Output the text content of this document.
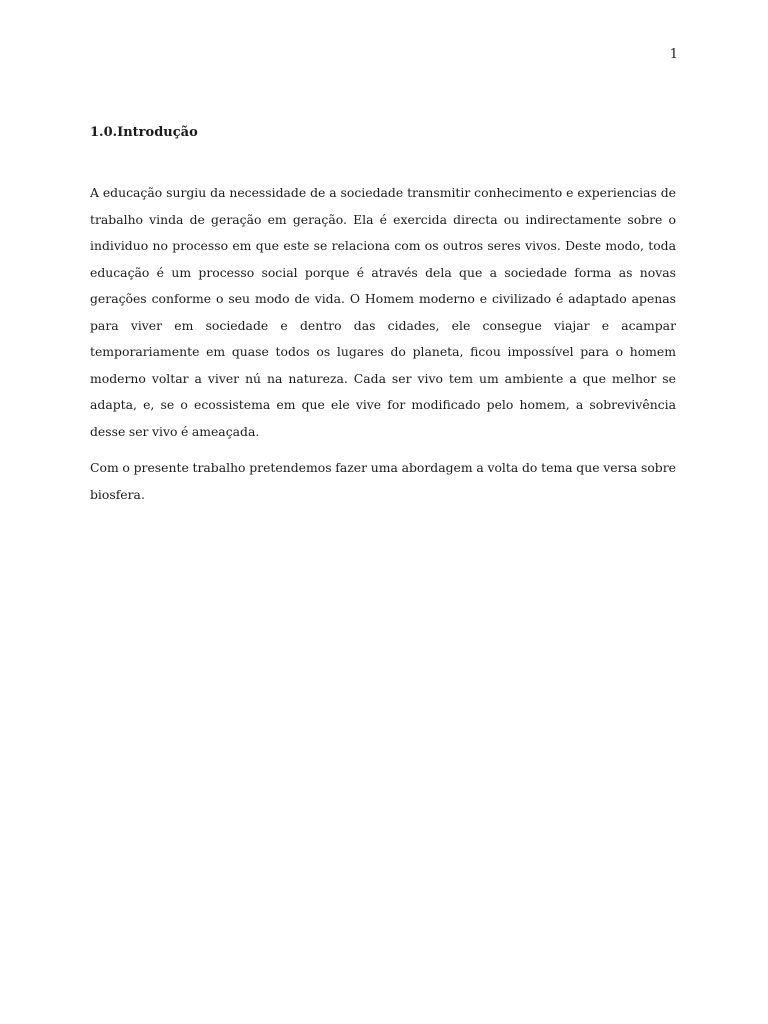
1
1.0.Introdução

A educação surgiu da necessidade de a sociedade transmitir conhecimento e experiencias de trabalho vinda de geração em geração. Ela é exercida directa ou indirectamente sobre o individuo no processo em que este se relaciona com os outros seres vivos. Deste modo, toda educação é um processo social porque é através dela que a sociedade forma as novas gerações conforme o seu modo de vida. O Homem moderno e civilizado é adaptado apenas para viver em sociedade e dentro das cidades, ele consegue viajar e acampar temporariamente em quase todos os lugares do planeta, ficou impossível para o homem moderno voltar a viver nú na natureza. Cada ser vivo tem um ambiente a que melhor se adapta, e, se o ecossistema em que ele vive for modificado pelo homem, a sobrevivência desse ser vivo é ameaçada.

Com o presente trabalho pretendemos fazer uma abordagem a volta do tema que versa sobre biosfera.
